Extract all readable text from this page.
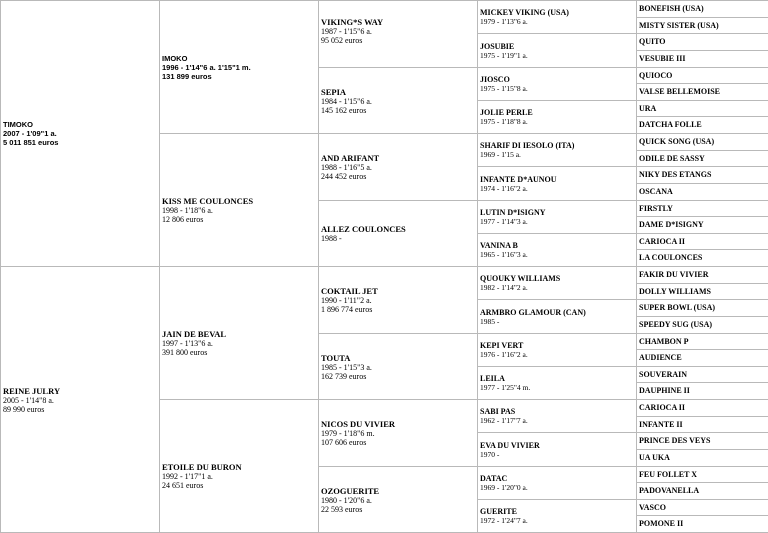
TIMOKO
2007 - 1'09"1 a.
5 011 851 euros
REINE JULRY
2005 - 1'14"8 a.
89 990 euros
IMOKO
1996 - 1'14"6 a. 1'15"1 m.
131 899 euros
KISS ME COULONCES
1998 - 1'18"6 a.
12 806 euros
JAIN DE BEVAL
1997 - 1'13"6 a.
391 800 euros
ETOILE DU BURON
1992 - 1'17"1 a.
24 651 euros
VIKING*S WAY
1987 - 1'15"6 a.
95 052 euros
SEPIA
1984 - 1'15"6 a.
145 162 euros
AND ARIFANT
1988 - 1'16"5 a.
244 452 euros
ALLEZ COULONCES
1988 -
COKTAIL JET
1990 - 1'11"2 a.
1 896 774 euros
TOUTA
1985 - 1'15"3 a.
162 739 euros
NICOS DU VIVIER
1979 - 1'18"6 m.
107 606 euros
OZOGUERITE
1980 - 1'20"6 a.
22 593 euros
MICKEY VIKING (USA)
1979 - 1'13"6 a.
JOSUBIE
1975 - 1'19"1 a.
JIOSCO
1975 - 1'15"8 a.
JOLIE PERLE
1975 - 1'18"8 a.
SHARIF DI IESOLO (ITA)
1969 - 1'15 a.
INFANTE D*AUNOU
1974 - 1'16"2 a.
LUTIN D*ISIGNY
1977 - 1'14"3 a.
VANINA B
1965 - 1'16"3 a.
QUOUKY WILLIAMS
1982 - 1'14"2 a.
ARMBRO GLAMOUR (CAN)
1985 -
KEPI VERT
1976 - 1'16"2 a.
LEILA
1977 - 1'25"4 m.
SABI PAS
1962 - 1'17"7 a.
EVA DU VIVIER
1970 -
DATAC
1969 - 1'20"0 a.
GUERITE
1972 - 1'24"7 a.
BONEFISH (USA)
MISTY SISTER (USA)
QUITO
VESUBIE III
QUIOCO
VALSE BELLEMOISE
URA
DATCHA FOLLE
QUICK SONG (USA)
ODILE DE SASSY
NIKY DES ETANGS
OSCANA
FIRSTLY
DAME D*ISIGNY
CARIOCA II
LA COULONCES
FAKIR DU VIVIER
DOLLY WILLIAMS
SUPER BOWL (USA)
SPEEDY SUG (USA)
CHAMBON P
AUDIENCE
SOUVERAIN
DAUPHINE II
CARIOCA II
INFANTE II
PRINCE DES VEYS
UA UKA
FEU FOLLET X
PADOVANELLA
VASCO
POMONE II
